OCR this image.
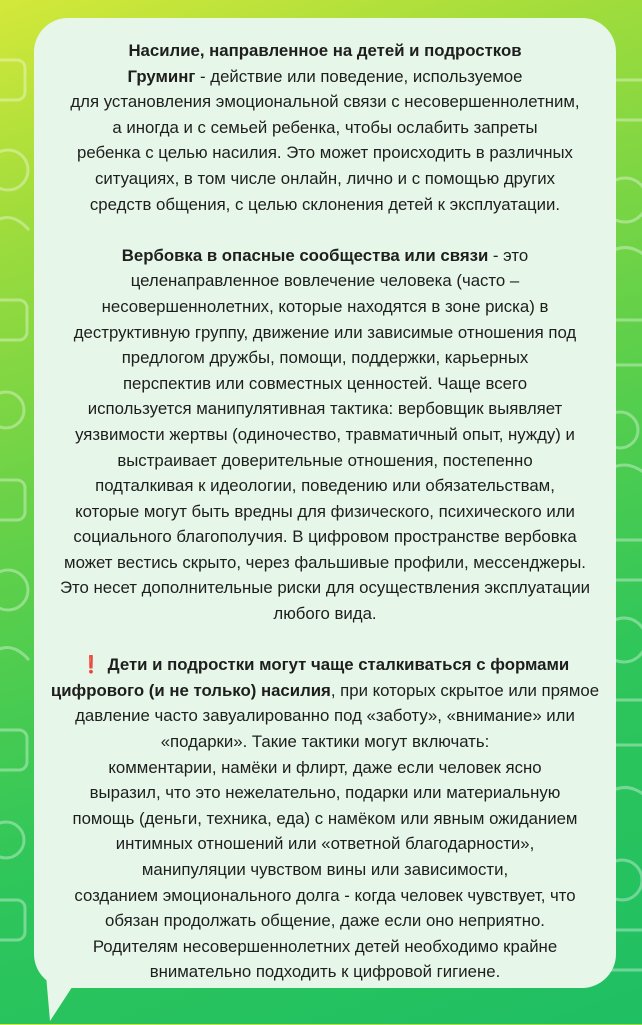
Насилие, направленное на детей и подростков
Груминг - действие или поведение, используемое
для установления эмоциональной связи с несовершеннолетним,
а иногда и с семьей ребенка, чтобы ослабить запреты
ребенка с целью насилия. Это может происходить в различных
ситуациях, в том числе онлайн, лично и с помощью других
средств общения, с целью склонения детей к эксплуатации.

Вербовка в опасные сообщества или связи - это
целенаправленное вовлечение человека (часто –
несовершеннолетних, которые находятся в зоне риска) в
деструктивную группу, движение или зависимые отношения под
предлогом дружбы, помощи, поддержки, карьерных
перспектив или совместных ценностей. Чаще всего
используется манипулятивная тактика: вербовщик выявляет
уязвимости жертвы (одиночество, травматичный опыт, нужду) и
выстраивает доверительные отношения, постепенно
подталкивая к идеологии, поведению или обязательствам,
которые могут быть вредны для физического, психического или
социального благополучия. В цифровом пространстве вербовка
может вестись скрыто, через фальшивые профили, мессенджеры.
Это несет дополнительные риски для осуществления эксплуатации
любого вида.

❗ Дети и подростки могут чаще сталкиваться с формами
цифрового (и не только) насилия, при которых скрытое или прямое
давление часто завуалированно под «заботу», «внимание» или
«подарки». Такие тактики могут включать:
комментарии, намёки и флирт, даже если человек ясно
выразил, что это нежелательно, подарки или материальную
помощь (деньги, техника, еда) с намёком или явным ожиданием
интимных отношений или «ответной благодарности»,
манипуляции чувством вины или зависимости,
созданием эмоционального долга - когда человек чувствует, что
обязан продолжать общение, даже если оно неприятно.
Родителям несовершеннолетних детей необходимо крайне
внимательно подходить к цифровой гигиене.
